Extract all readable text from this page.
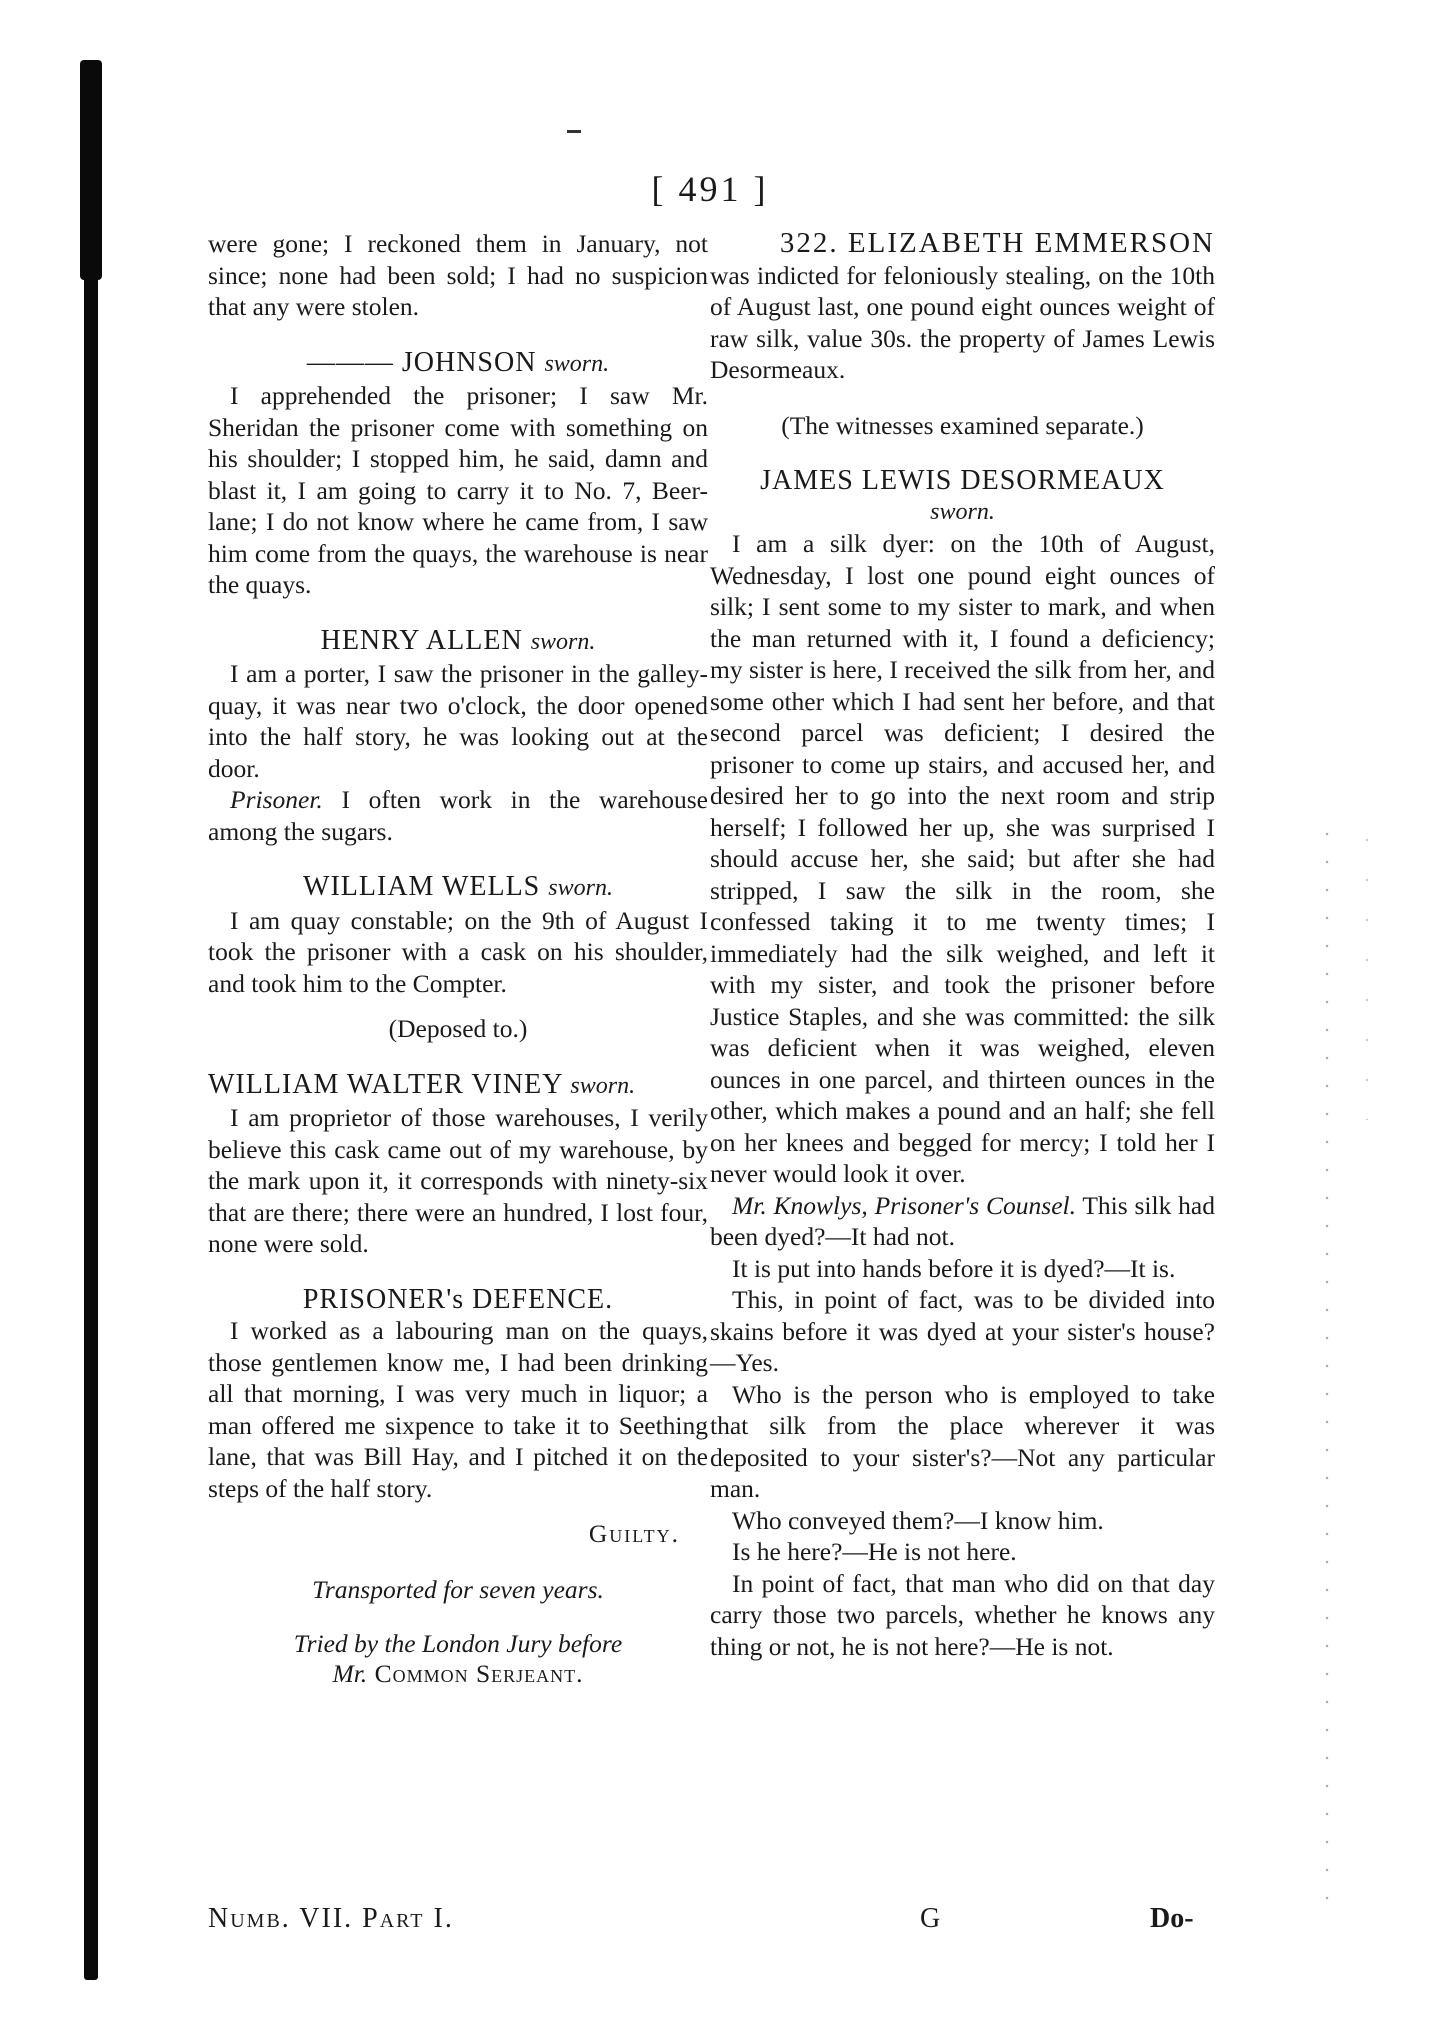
[ 491 ]

were gone; I reckoned them in January, not since; none had been sold; I had no suspicion that any were stolen.

——— JOHNSON sworn.

I apprehended the prisoner; I saw Mr. Sheridan the prisoner come with something on his shoulder; I stopped him, he said, damn and blast it, I am going to carry it to No. 7, Beer-lane; I do not know where he came from, I saw him come from the quays, the warehouse is near the quays.

HENRY ALLEN sworn.

I am a porter, I saw the prisoner in the galley-quay, it was near two o'clock, the door opened into the half story, he was looking out at the door.

Prisoner. I often work in the warehouse among the sugars.

WILLIAM WELLS sworn.

I am quay constable; on the 9th of August I took the prisoner with a cask on his shoulder, and took him to the Compter.

(Deposed to.)

WILLIAM WALTER VINEY sworn.

I am proprietor of those warehouses, I verily believe this cask came out of my warehouse, by the mark upon it, it corresponds with ninety-six that are there; there were an hundred, I lost four, none were sold.

PRISONER's DEFENCE.

I worked as a labouring man on the quays, those gentlemen know me, I had been drinking all that morning, I was very much in liquor; a man offered me sixpence to take it to Seething lane, that was Bill Hay, and I pitched it on the steps of the half story.

Guilty.

Transported for seven years.

Tried by the London Jury before

Mr. Common Serjeant.

322. ELIZABETH EMMERSON

was indicted for feloniously stealing, on the 10th of August last, one pound eight ounces weight of raw silk, value 30s. the property of James Lewis Desormeaux.

(The witnesses examined separate.)

JAMES LEWIS DESORMEAUX

sworn.

I am a silk dyer: on the 10th of August, Wednesday, I lost one pound eight ounces of silk; I sent some to my sister to mark, and when the man returned with it, I found a deficiency; my sister is here, I received the silk from her, and some other which I had sent her before, and that second parcel was deficient; I desired the prisoner to come up stairs, and accused her, and desired her to go into the next room and strip herself; I followed her up, she was surprised I should accuse her, she said; but after she had stripped, I saw the silk in the room, she confessed taking it to me twenty times; I immediately had the silk weighed, and left it with my sister, and took the prisoner before Justice Staples, and she was committed: the silk was deficient when it was weighed, eleven ounces in one parcel, and thirteen ounces in the other, which makes a pound and an half; she fell on her knees and begged for mercy; I told her I never would look it over.

Mr. Knowlys, Prisoner's Counsel. This silk had been dyed?—It had not.

It is put into hands before it is dyed?—It is.

This, in point of fact, was to be divided into skains before it was dyed at your sister's house?—Yes.

Who is the person who is employed to take that silk from the place wherever it was deposited to your sister's?—Not any particular man.

Who conveyed them?—I know him.

Is he here?—He is not here.

In point of fact, that man who did on that day carry those two parcels, whether he knows any thing or not, he is not here?—He is not.

Numb. VII. Part I.	G	Do-
